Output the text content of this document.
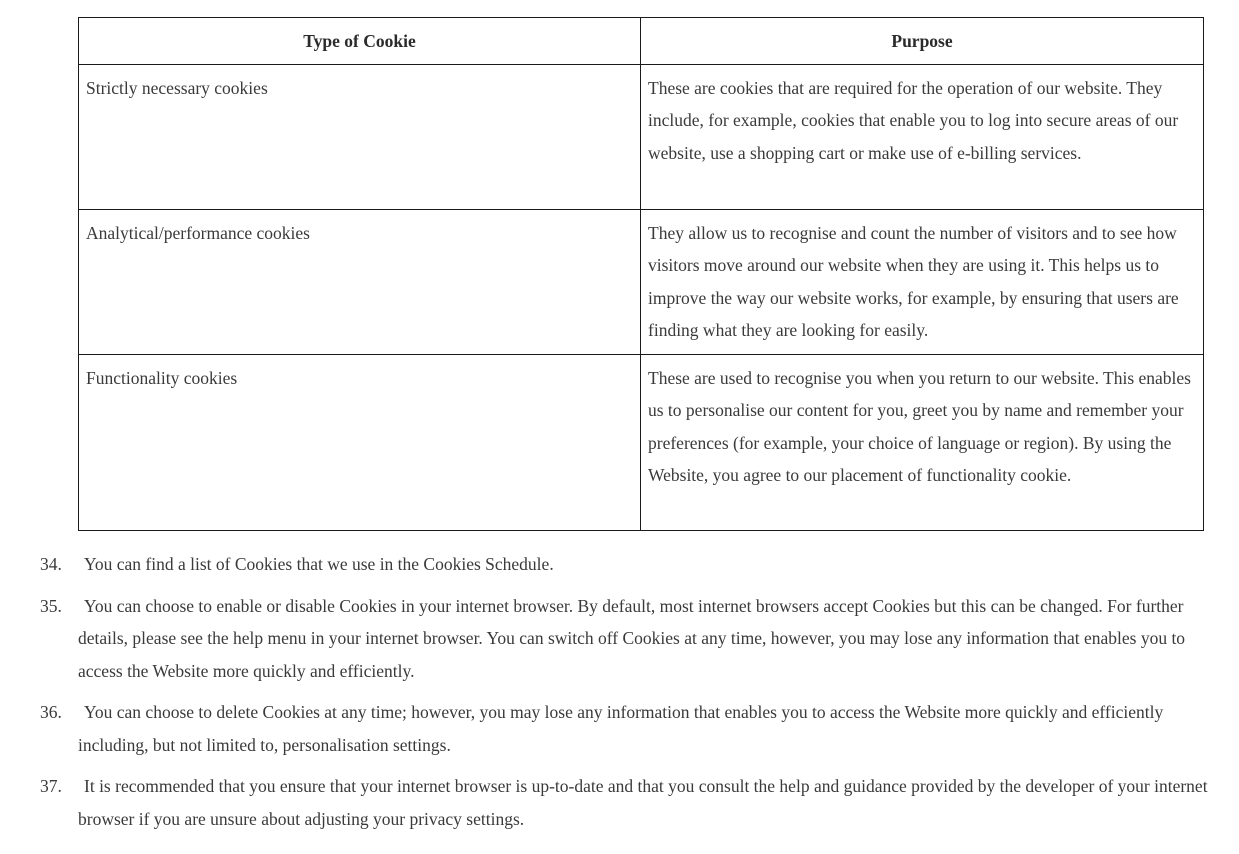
Type of Cookie	Purpose
Strictly necessary cookies	These are cookies that are required for the operation of our website. They include, for example, cookies that enable you to log into secure areas of our website, use a shopping cart or make use of e-billing services.
Analytical/performance cookies	They allow us to recognise and count the number of visitors and to see how visitors move around our website when they are using it. This helps us to improve the way our website works, for example, by ensuring that users are finding what they are looking for easily.
Functionality cookies	These are used to recognise you when you return to our website. This enables us to personalise our content for you, greet you by name and remember your preferences (for example, your choice of language or region). By using the Website, you agree to our placement of functionality cookie.
34.	You can find a list of Cookies that we use in the Cookies Schedule.
35.	You can choose to enable or disable Cookies in your internet browser. By default, most internet browsers accept Cookies but this can be changed. For further details, please see the help menu in your internet browser. You can switch off Cookies at any time, however, you may lose any information that enables you to access the Website more quickly and efficiently.
36.	You can choose to delete Cookies at any time; however, you may lose any information that enables you to access the Website more quickly and efficiently including, but not limited to, personalisation settings.
37.	It is recommended that you ensure that your internet browser is up-to-date and that you consult the help and guidance provided by the developer of your internet browser if you are unsure about adjusting your privacy settings.
